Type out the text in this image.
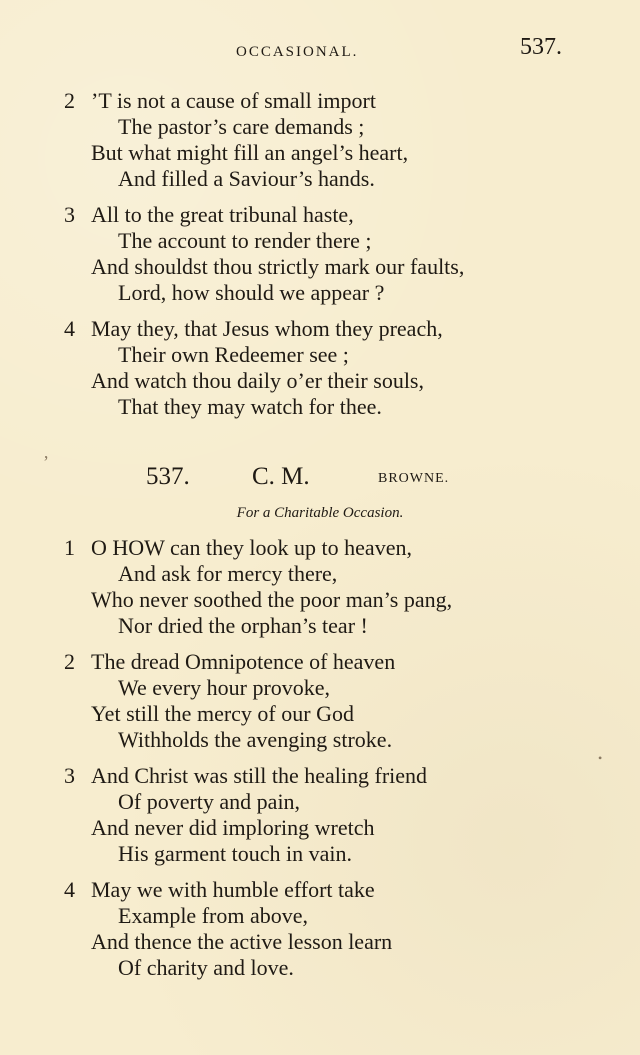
OCCASIONAL.	537.
2 ’T is not a cause of small import
The pastor’s care demands ;
But what might fill an angel’s heart,
And filled a Saviour’s hands.
3 All to the great tribunal haste,
The account to render there ;
And shouldst thou strictly mark our faults,
Lord, how should we appear ?
4 May they, that Jesus whom they preach,
Their own Redeemer see ;
And watch thou daily o’er their souls,
That they may watch for thee.
ʼ
537. C. M.	BROWNE.
For a Charitable Occasion.
1 O HOW can they look up to heaven,
And ask for mercy there,
Who never soothed the poor man’s pang,
Nor dried the orphan’s tear !
2 The dread Omnipotence of heaven
We every hour provoke,
Yet still the mercy of our God
Withholds the avenging stroke.
3 And Christ was still the healing friend
Of poverty and pain,
And never did imploring wretch
His garment touch in vain.
4 May we with humble effort take
Example from above,
And thence the active lesson learn
Of charity and love.
•
